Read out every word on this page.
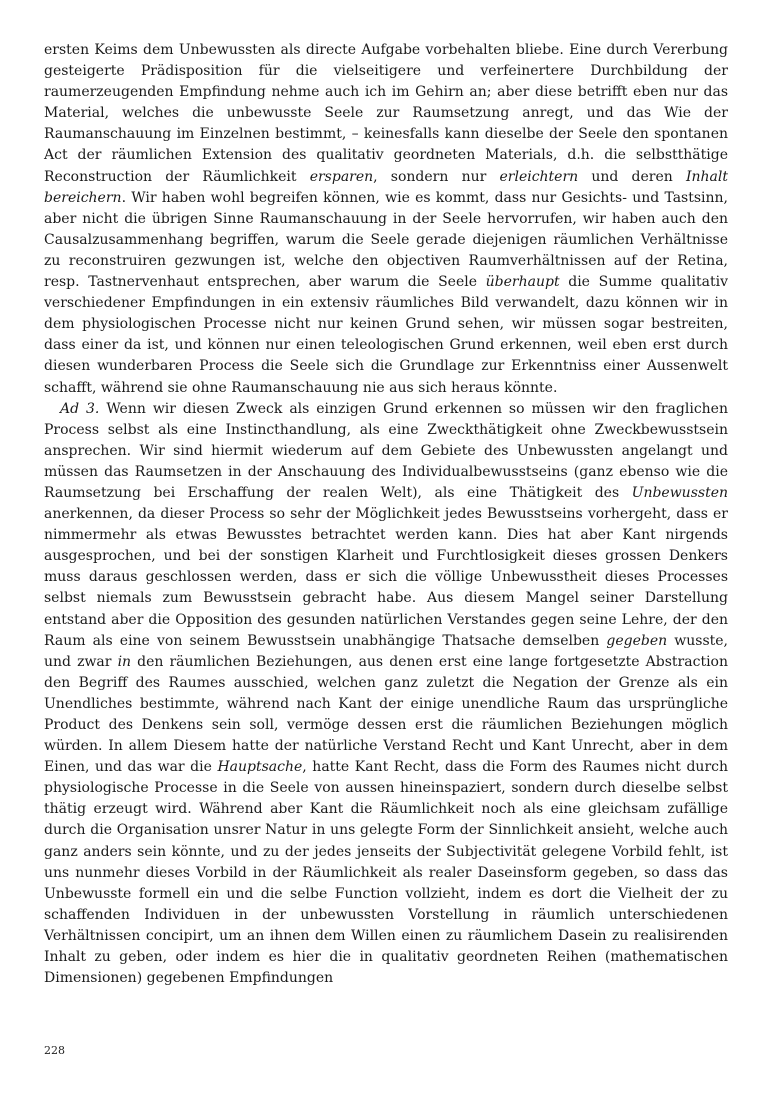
ersten Keims dem Unbewussten als directe Aufgabe vorbehalten bliebe. Eine durch Vererbung gesteigerte Prädisposition für die vielseitigere und verfeinertere Durchbildung der raumerzeugenden Empfindung nehme auch ich im Gehirn an; aber diese betrifft eben nur das Material, welches die unbewusste Seele zur Raumsetzung anregt, und das Wie der Raumanschauung im Einzelnen bestimmt, – keinesfalls kann dieselbe der Seele den spontanen Act der räumlichen Extension des qualitativ geordneten Materials, d.h. die selbstthätige Reconstruction der Räumlichkeit ersparen, sondern nur erleichtern und deren Inhalt bereichern. Wir haben wohl begreifen können, wie es kommt, dass nur Gesichts- und Tastsinn, aber nicht die übrigen Sinne Raumanschauung in der Seele hervorrufen, wir haben auch den Causalzusammenhang begriffen, warum die Seele gerade diejenigen räumlichen Verhältnisse zu reconstruiren gezwungen ist, welche den objectiven Raumverhältnissen auf der Retina, resp. Tastnervenhaut entsprechen, aber warum die Seele überhaupt die Summe qualitativ verschiedener Empfindungen in ein extensiv räumliches Bild verwandelt, dazu können wir in dem physiologischen Processe nicht nur keinen Grund sehen, wir müssen sogar bestreiten, dass einer da ist, und können nur einen teleologischen Grund erkennen, weil eben erst durch diesen wunderbaren Process die Seele sich die Grundlage zur Erkenntniss einer Aussenwelt schafft, während sie ohne Raumanschauung nie aus sich heraus könnte.

Ad 3. Wenn wir diesen Zweck als einzigen Grund erkennen so müssen wir den fraglichen Process selbst als eine Instincthandlung, als eine Zweckthätigkeit ohne Zweckbewusstsein ansprechen. Wir sind hiermit wiederum auf dem Gebiete des Unbewussten angelangt und müssen das Raumsetzen in der Anschauung des Individualbewusstseins (ganz ebenso wie die Raumsetzung bei Erschaffung der realen Welt), als eine Thätigkeit des Unbewussten anerkennen, da dieser Process so sehr der Möglichkeit jedes Bewusstseins vorhergeht, dass er nimmermehr als etwas Bewusstes betrachtet werden kann. Dies hat aber Kant nirgends ausgesprochen, und bei der sonstigen Klarheit und Furchtlosigkeit dieses grossen Denkers muss daraus geschlossen werden, dass er sich die völlige Unbewusstheit dieses Processes selbst niemals zum Bewusstsein gebracht habe. Aus diesem Mangel seiner Darstellung entstand aber die Opposition des gesunden natürlichen Verstandes gegen seine Lehre, der den Raum als eine von seinem Bewusstsein unabhängige Thatsache demselben gegeben wusste, und zwar in den räumlichen Beziehungen, aus denen erst eine lange fortgesetzte Abstraction den Begriff des Raumes ausschied, welchen ganz zuletzt die Negation der Grenze als ein Unendliches bestimmte, während nach Kant der einige unendliche Raum das ursprüngliche Product des Denkens sein soll, vermöge dessen erst die räumlichen Beziehungen möglich würden. In allem Diesem hatte der natürliche Verstand Recht und Kant Unrecht, aber in dem Einen, und das war die Hauptsache, hatte Kant Recht, dass die Form des Raumes nicht durch physiologische Processe in die Seele von aussen hineinspaziert, sondern durch dieselbe selbst thätig erzeugt wird. Während aber Kant die Räumlichkeit noch als eine gleichsam zufällige durch die Organisation unsrer Natur in uns gelegte Form der Sinnlichkeit ansieht, welche auch ganz anders sein könnte, und zu der jedes jenseits der Subjectivität gelegene Vorbild fehlt, ist uns nunmehr dieses Vorbild in der Räumlichkeit als realer Daseinsform gegeben, so dass das Unbewusste formell ein und die selbe Function vollzieht, indem es dort die Vielheit der zu schaffenden Individuen in der unbewussten Vorstellung in räumlich unterschiedenen Verhältnissen concipirt, um an ihnen dem Willen einen zu räumlichem Dasein zu realisirenden Inhalt zu geben, oder indem es hier die in qualitativ geordneten Reihen (mathematischen Dimensionen) gegebenen Empfindungen

228
